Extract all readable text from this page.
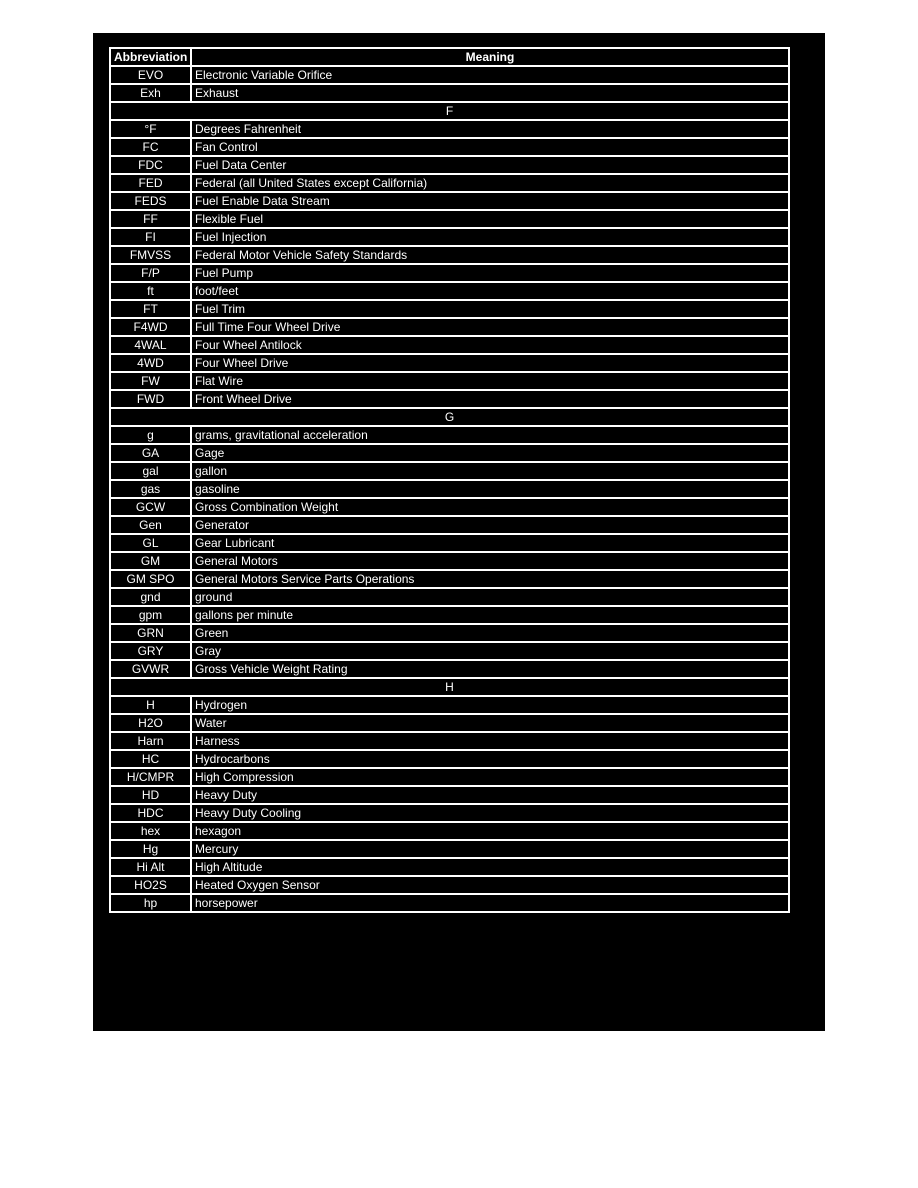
Abbreviation	Meaning
EVO	Electronic Variable Orifice
Exh	Exhaust
F	
°F	Degrees Fahrenheit
FC	Fan Control
FDC	Fuel Data Center
FED	Federal (all United States except California)
FEDS	Fuel Enable Data Stream
FF	Flexible Fuel
FI	Fuel Injection
FMVSS	Federal Motor Vehicle Safety Standards
F/P	Fuel Pump
ft	foot/feet
FT	Fuel Trim
F4WD	Full Time Four Wheel Drive
4WAL	Four Wheel Antilock
4WD	Four Wheel Drive
FW	Flat Wire
FWD	Front Wheel Drive
G	
g	grams, gravitational acceleration
GA	Gage
gal	gallon
gas	gasoline
GCW	Gross Combination Weight
Gen	Generator
GL	Gear Lubricant
GM	General Motors
GM SPO	General Motors Service Parts Operations
gnd	ground
gpm	gallons per minute
GRN	Green
GRY	Gray
GVWR	Gross Vehicle Weight Rating
H	
H	Hydrogen
H2O	Water
Harn	Harness
HC	Hydrocarbons
H/CMPR	High Compression
HD	Heavy Duty
HDC	Heavy Duty Cooling
hex	hexagon
Hg	Mercury
Hi Alt	High Altitude
HO2S	Heated Oxygen Sensor
hp	horsepower
